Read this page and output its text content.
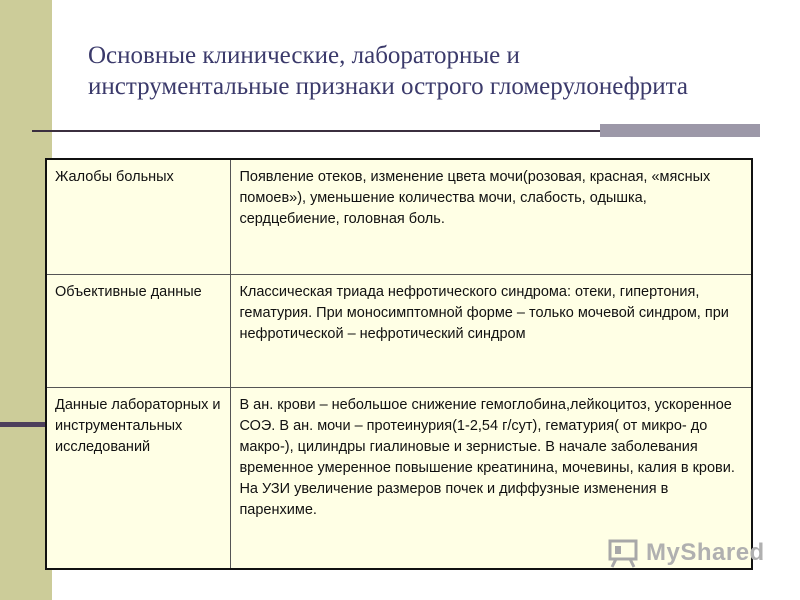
Основные клинические, лабораторные и
инструментальные признаки острого гломерулонефрита
Жалобы больных	Появление отеков, изменение цвета мочи(розовая, красная, «мясных помоев»), уменьшение количества мочи, слабость, одышка, сердцебиение, головная боль.
Объективные данные	Классическая триада нефротического синдрома: отеки, гипертония, гематурия. При моносимптомной форме – только мочевой синдром, при нефротической – нефротический синдром
Данные лабораторных и инструментальных исследований	В ан. крови – небольшое снижение гемоглобина,лейкоцитоз, ускоренное СОЭ. В ан. мочи – протеинурия(1-2,54 г/сут), гематурия( от микро- до макро-), цилиндры гиалиновые и зернистые. В начале заболевания временное умеренное повышение креатинина, мочевины, калия в крови. На УЗИ увеличение размеров почек и диффузные изменения в паренхиме.
MyShared
